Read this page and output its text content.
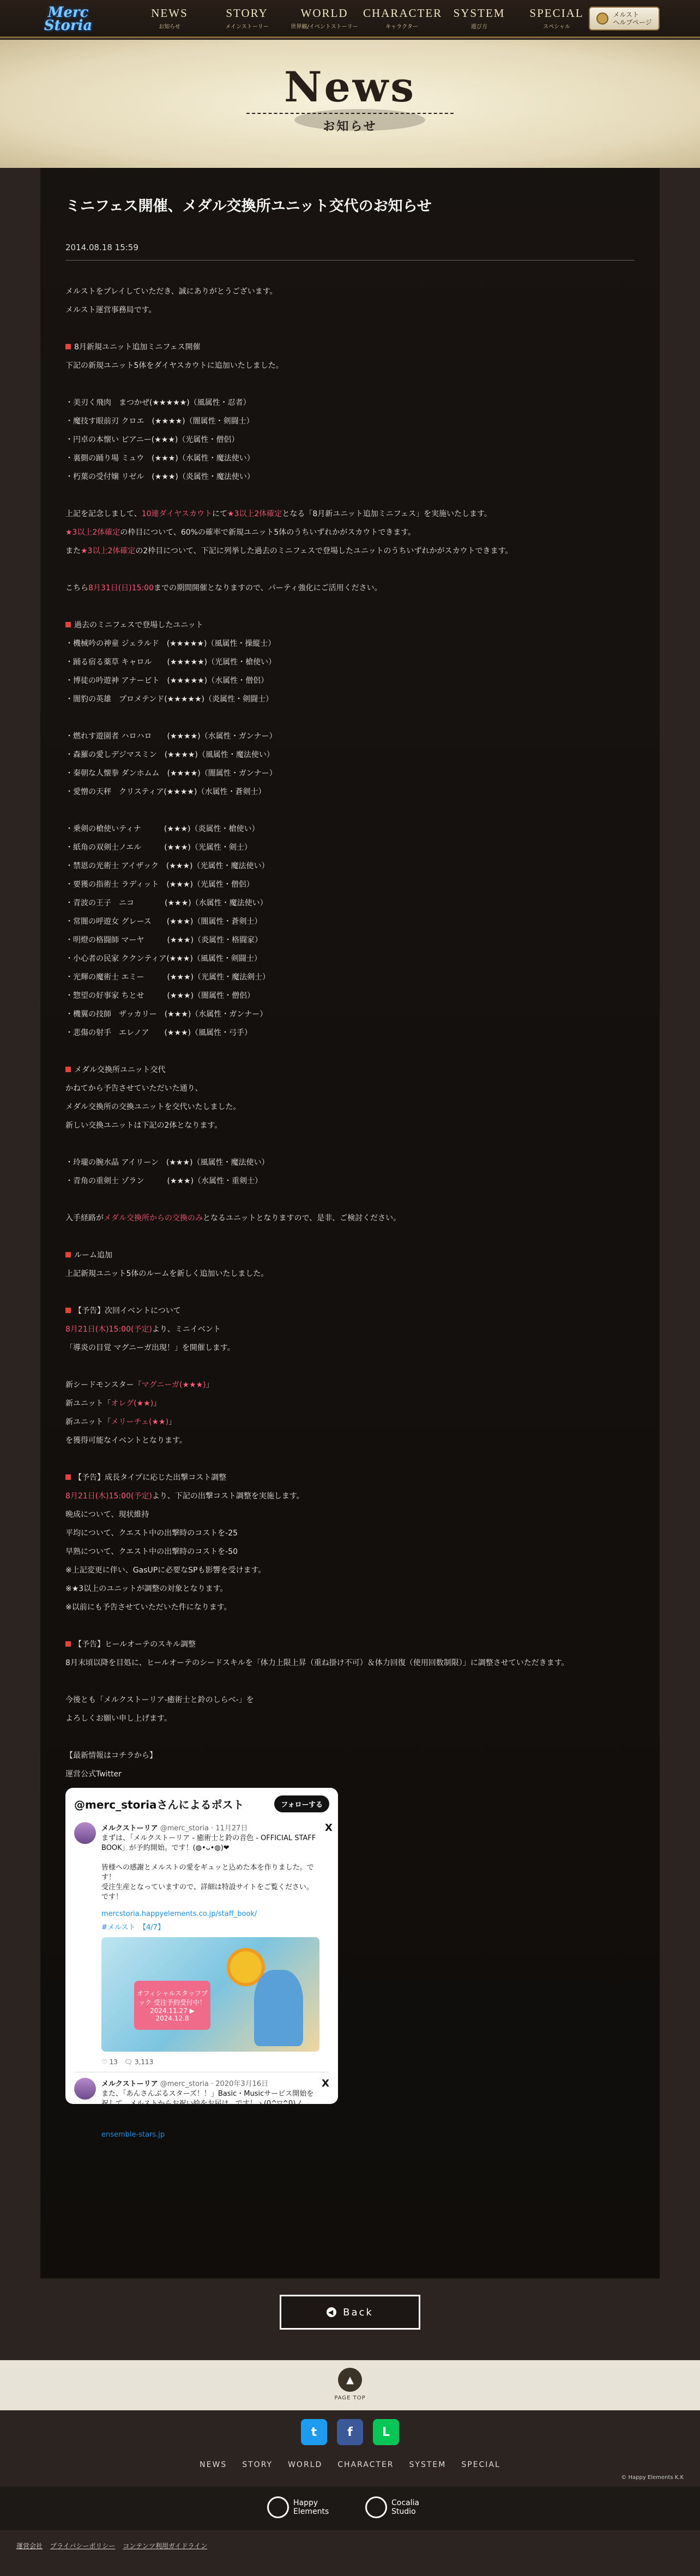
Merc Storia
NEWS
お知らせ
STORY
メインストーリー
WORLD
世界観/イベントストーリー
CHARACTER
キャラクター
SYSTEM
遊び方
SPECIAL
スペシャル
メルスト
ヘルプページ
News
お知らせ
ミニフェス開催、メダル交換所ユニット交代のお知らせ
2014.08.18 15:59

メルストをプレイしていただき、誠にありがとうございます。

メルスト運営事務局です。

8月新規ユニット追加ミニフェス開催

下記の新規ユニット5体をダイヤスカウトに追加いたしました。

・美刃く飛肉　まつかぜ(★★★★★)（風属性・忍者）

・魔技す眼前刃 クロエ　(★★★★)（闇属性・剣闘士）

・円卓の本懐い ピアニー(★★★)（光属性・僧侶）

・裏側の踊り場 ミュウ　(★★★)（水属性・魔法使い）

・朽葉の受付嬢 リゼル　(★★★)（炎属性・魔法使い）

上記を記念しまして、10連ダイヤスカウトにて★3以上2体確定となる「8月新ユニット追加ミニフェス」を実施いたします。

★3以上2体確定の枠目について、60%の確率で新規ユニット5体のうちいずれかがスカウトできます。

また★3以上2体確定の2枠目について、下記に列挙した過去のミニフェスで登場したユニットのうちいずれかがスカウトできます。

こちら8月31日(日)15:00までの期間開催となりますので、パーティ強化にご活用ください。

過去のミニフェスで登場したユニット

・機械吟の神童 ジェラルド　(★★★★★)（風属性・操縦士）

・踊る宿る薬草 キャロル　　(★★★★★)（光属性・槍使い）

・博徒の吟遊神 アナービト　(★★★★★)（水属性・僧侶）

・闇豹の英雄　プロメテンド(★★★★★)（炎属性・剣闘士）

・燃れす遊園者 ハロハロ　　(★★★★)（水属性・ガンナー）

・森羅の愛しデジマスミン　(★★★★)（風属性・魔法使い）

・秦朝な人懐拳 ダンホムム　(★★★★)（闇属性・ガンナー）

・愛憎の天秤　クリスティア(★★★★)（水属性・蒼剣士）

・乗剣の槍使いティナ　　　(★★★)（炎属性・槍使い）

・紙角の双剣士ノエル　　　(★★★)（光属性・剣士）

・禁恩の光術士 アイザック　(★★★)（光属性・魔法使い）

・要獲の指術士 ラディット　(★★★)（光属性・僧侶）

・青波の王子　ニコ　　　　(★★★)（水属性・魔法使い）

・常闇の呼遊女 グレース　　(★★★)（闇属性・蒼剣士）

・明燈の格闘師 マーヤ　　　(★★★)（炎属性・格闘家）

・小心者の民家 ククンティア(★★★)（風属性・剣闘士）

・光輝の魔術士 エミー　　　(★★★)（光属性・魔法剣士）

・惣望の好事家 ちとせ　　　(★★★)（闇属性・僧侶）

・機翼の技師　ザッカリー　(★★★)（水属性・ガンナー）

・悲傷の射手　エレノア　　(★★★)（風属性・弓手）

メダル交換所ユニット交代

かねてから予告させていただいた通り、

メダル交換所の交換ユニットを交代いたしました。

新しい交換ユニットは下記の2体となります。

・玲瓏の腕水晶 アイリーン　(★★★)（風属性・魔法使い）

・青角の重剣士 ゾラン　　　(★★★)（水属性・重剣士）

入手経路がメダル交換所からの交換のみとなるユニットとなりますので、是非、ご検討ください。

ルーム追加

上記新規ユニット5体のルームを新しく追加いたしました。

【予告】次回イベントについて

8月21日(木)15:00(予定)より、ミニイベント

「導炎の目覚 マグニーガ出現！」を開催します。

新シードモンスター「マグニーガ(★★★)」

新ユニット「オレグ(★★)」

新ユニット「メリーチェ(★★)」

を獲得可能なイベントとなります。

【予告】成長タイプに応じた出撃コスト調整

8月21日(木)15:00(予定)より、下記の出撃コスト調整を実施します。

晩成について、現状維持

平均について、クエスト中の出撃時のコストを-25

早熟について、クエスト中の出撃時のコストを-50

※上記変更に伴い、GasUPに必要なSPも影響を受けます。

※★3以上のユニットが調整の対象となります。

※以前にも予告させていただいた件になります。

【予告】ヒールオーテのスキル調整

8月末頃以降を目処に、ヒールオーテのシードスキルを「体力上限上昇（重ね掛け不可）＆体力回復（使用回数制限）」に調整させていただきます。

今後とも「メルクストーリア-癒術士と鈴のしらべ-」を

よろしくお願い申し上げます。

【最新情報はコチラから】

運営公式Twitter

@merc_storiaさんによるポスト	フォローする
メルクストーリア @merc_storia · 11月27日
まずは、「メルクストーリア - 癒術士と鈴の音色 - OFFICIAL STAFF BOOK」が予約開始。です！(◍•ᴗ•◍)❤

皆様への感謝とメルストの愛をギュッと込めた本を作りました。です！
受注生産となっていますので、詳細は特設サイトをご覧ください。です！
mercstoria.happyelements.co.jp/staff_book/
#メルスト　【4/7】
オフィシャルスタッフブック 受注予約受付中！ 2024.11.27 ▶ 2024.12.8
♡ 13　🗨 3,113
X
メルクストーリア @merc_storia · 2020年3月16日
また、「あんさんぶるスターズ！！」Basic・Musicサービス開始を祝して、メルストからお祝い絵をお届け。です！ヽ(0^▽^0)ノ
新たなステージに立つアイドルの皆さんを、ぜひチェックしてみてください。です！
ensemble-stars.jp
X
◀ Back
▲
PAGE TOP
t	f	L
NEWS STORY WORLD CHARACTER SYSTEM SPECIAL
© Happy Elements K.K
Happy
Elements
Cocalia
Studio
運営会社 プライバシーポリシー コンテンツ利用ガイドライン
